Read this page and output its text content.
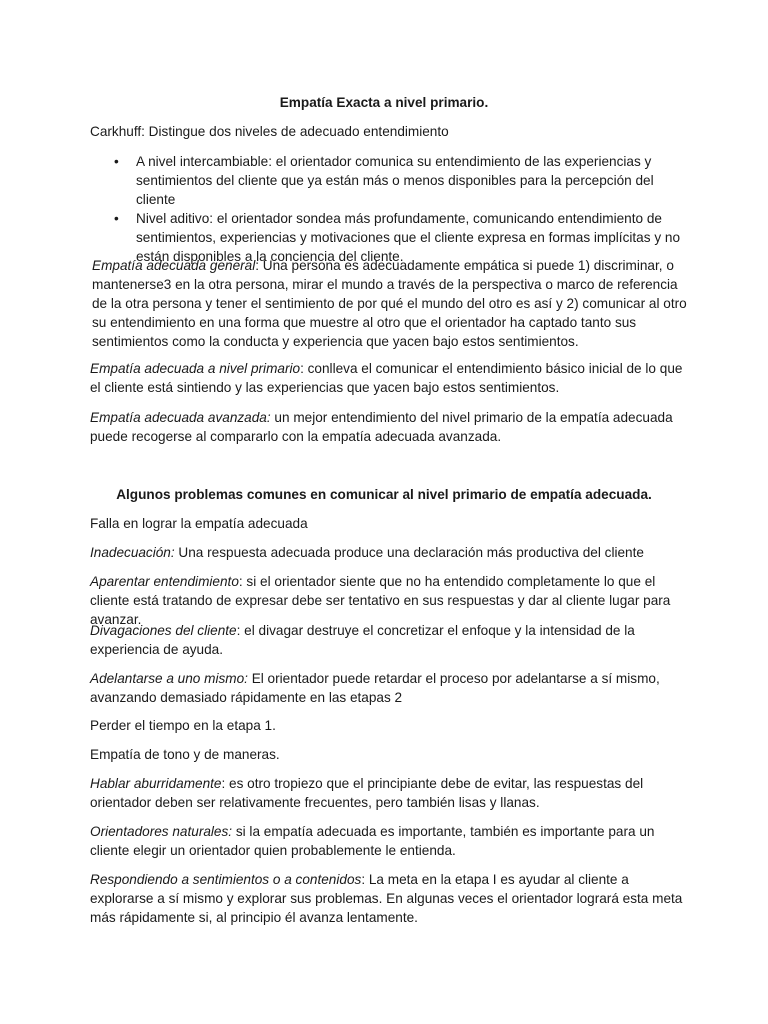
Empatía Exacta a nivel primario.

Carkhuff: Distingue dos niveles de adecuado entendimiento

• A nivel intercambiable: el orientador comunica su entendimiento de las experiencias y sentimientos del cliente que ya están más o menos disponibles para la percepción del cliente
• Nivel aditivo: el orientador sondea más profundamente, comunicando entendimiento de sentimientos, experiencias y motivaciones que el cliente expresa en formas implícitas y no están disponibles a la conciencia del cliente.

Empatía adecuada general: Una persona es adecuadamente empática si puede 1) discriminar, o mantenerse3 en la otra persona, mirar el mundo a través de la perspectiva o marco de referencia de la otra persona y tener el sentimiento de por qué el mundo del otro es así y 2) comunicar al otro su entendimiento en una forma que muestre al otro que el orientador ha captado tanto sus sentimientos como la conducta y experiencia que yacen bajo estos sentimientos.

Empatía adecuada a nivel primario: conlleva el comunicar el entendimiento básico inicial de lo que el cliente está sintiendo y las experiencias que yacen bajo estos sentimientos.

Empatía adecuada avanzada: un mejor entendimiento del nivel primario de la empatía adecuada puede recogerse al compararlo con la empatía adecuada avanzada.

Algunos problemas comunes en comunicar al nivel primario de empatía adecuada.

Falla en lograr la empatía adecuada

Inadecuación: Una respuesta adecuada produce una declaración más productiva del cliente

Aparentar entendimiento: si el orientador siente que no ha entendido completamente lo que el cliente está tratando de expresar debe ser tentativo en sus respuestas y dar al cliente lugar para avanzar.

Divagaciones del cliente: el divagar destruye el concretizar el enfoque y la intensidad de la experiencia de ayuda.

Adelantarse a uno mismo: El orientador puede retardar el proceso por adelantarse a sí mismo, avanzando demasiado rápidamente en las etapas 2

Perder el tiempo en la etapa 1.

Empatía de tono y de maneras.

Hablar aburridamente: es otro tropiezo que el principiante debe de evitar, las respuestas del orientador deben ser relativamente frecuentes, pero también lisas y llanas.

Orientadores naturales: si la empatía adecuada es importante, también es importante para un cliente elegir un orientador quien probablemente le entienda.

Respondiendo a sentimientos o a contenidos: La meta en la etapa I es ayudar al cliente a explorarse a sí mismo y explorar sus problemas. En algunas veces el orientador logrará esta meta más rápidamente si, al principio él avanza lentamente.
